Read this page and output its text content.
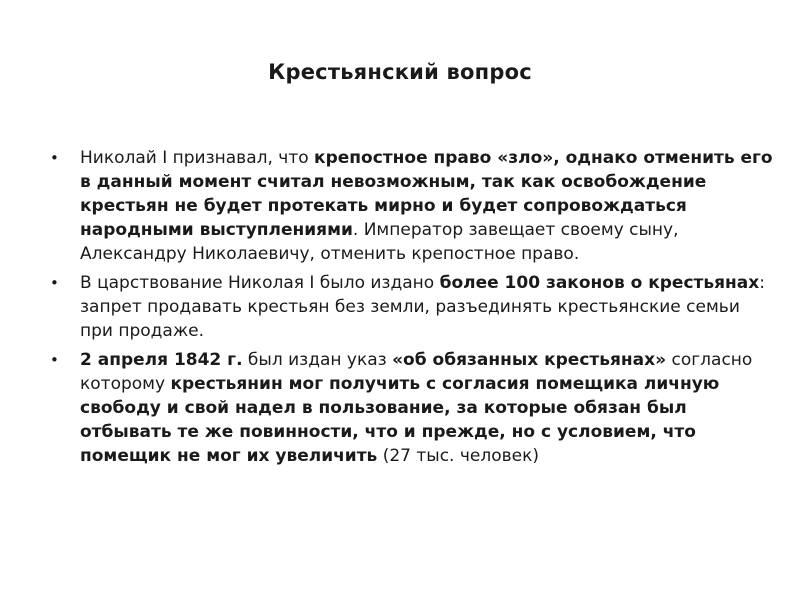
Крестьянский вопрос
•	Николай I признавал, что крепостное право «зло», однако отменить его в данный момент считал невозможным, так как освобождение крестьян не будет протекать мирно и будет сопровождаться народными выступлениями. Император завещает своему сыну, Александру Николаевичу, отменить крепостное право.
•	В царствование Николая I было издано более 100 законов о крестьянах: запрет продавать крестьян без земли, разъединять крестьянские семьи при продаже.
•	2 апреля 1842 г. был издан указ «об обязанных крестьянах» согласно которому крестьянин мог получить с согласия помещика личную свободу и свой надел в пользование, за которые обязан был отбывать те же повинности, что и прежде, но с условием, что помещик не мог их увеличить (27 тыс. человек)
